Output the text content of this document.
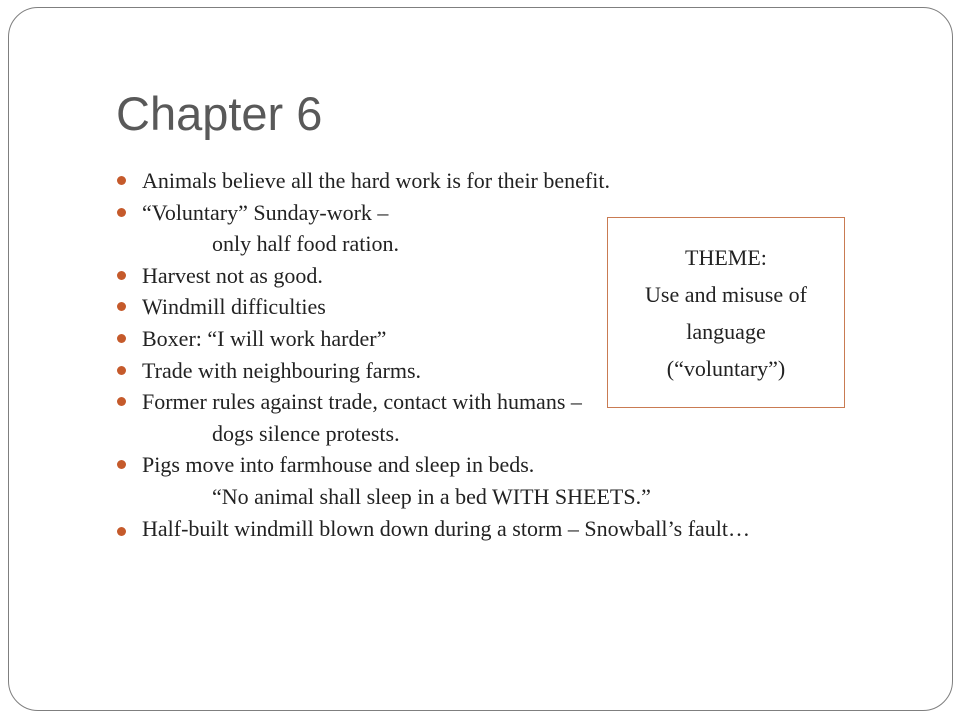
Chapter 6
Animals believe all the hard work is for their benefit.
“Voluntary” Sunday-work –
only half food ration.
Harvest not as good.
Windmill difficulties
Boxer: “I will work harder”
Trade with neighbouring farms.
Former rules against trade, contact with humans –
dogs silence protests.
Pigs move into farmhouse and sleep in beds.
“No animal shall sleep in a bed WITH SHEETS.”
Half-built windmill blown down during a storm – Snowball’s fault…
THEME:
Use and misuse of
language
(“voluntary”)
